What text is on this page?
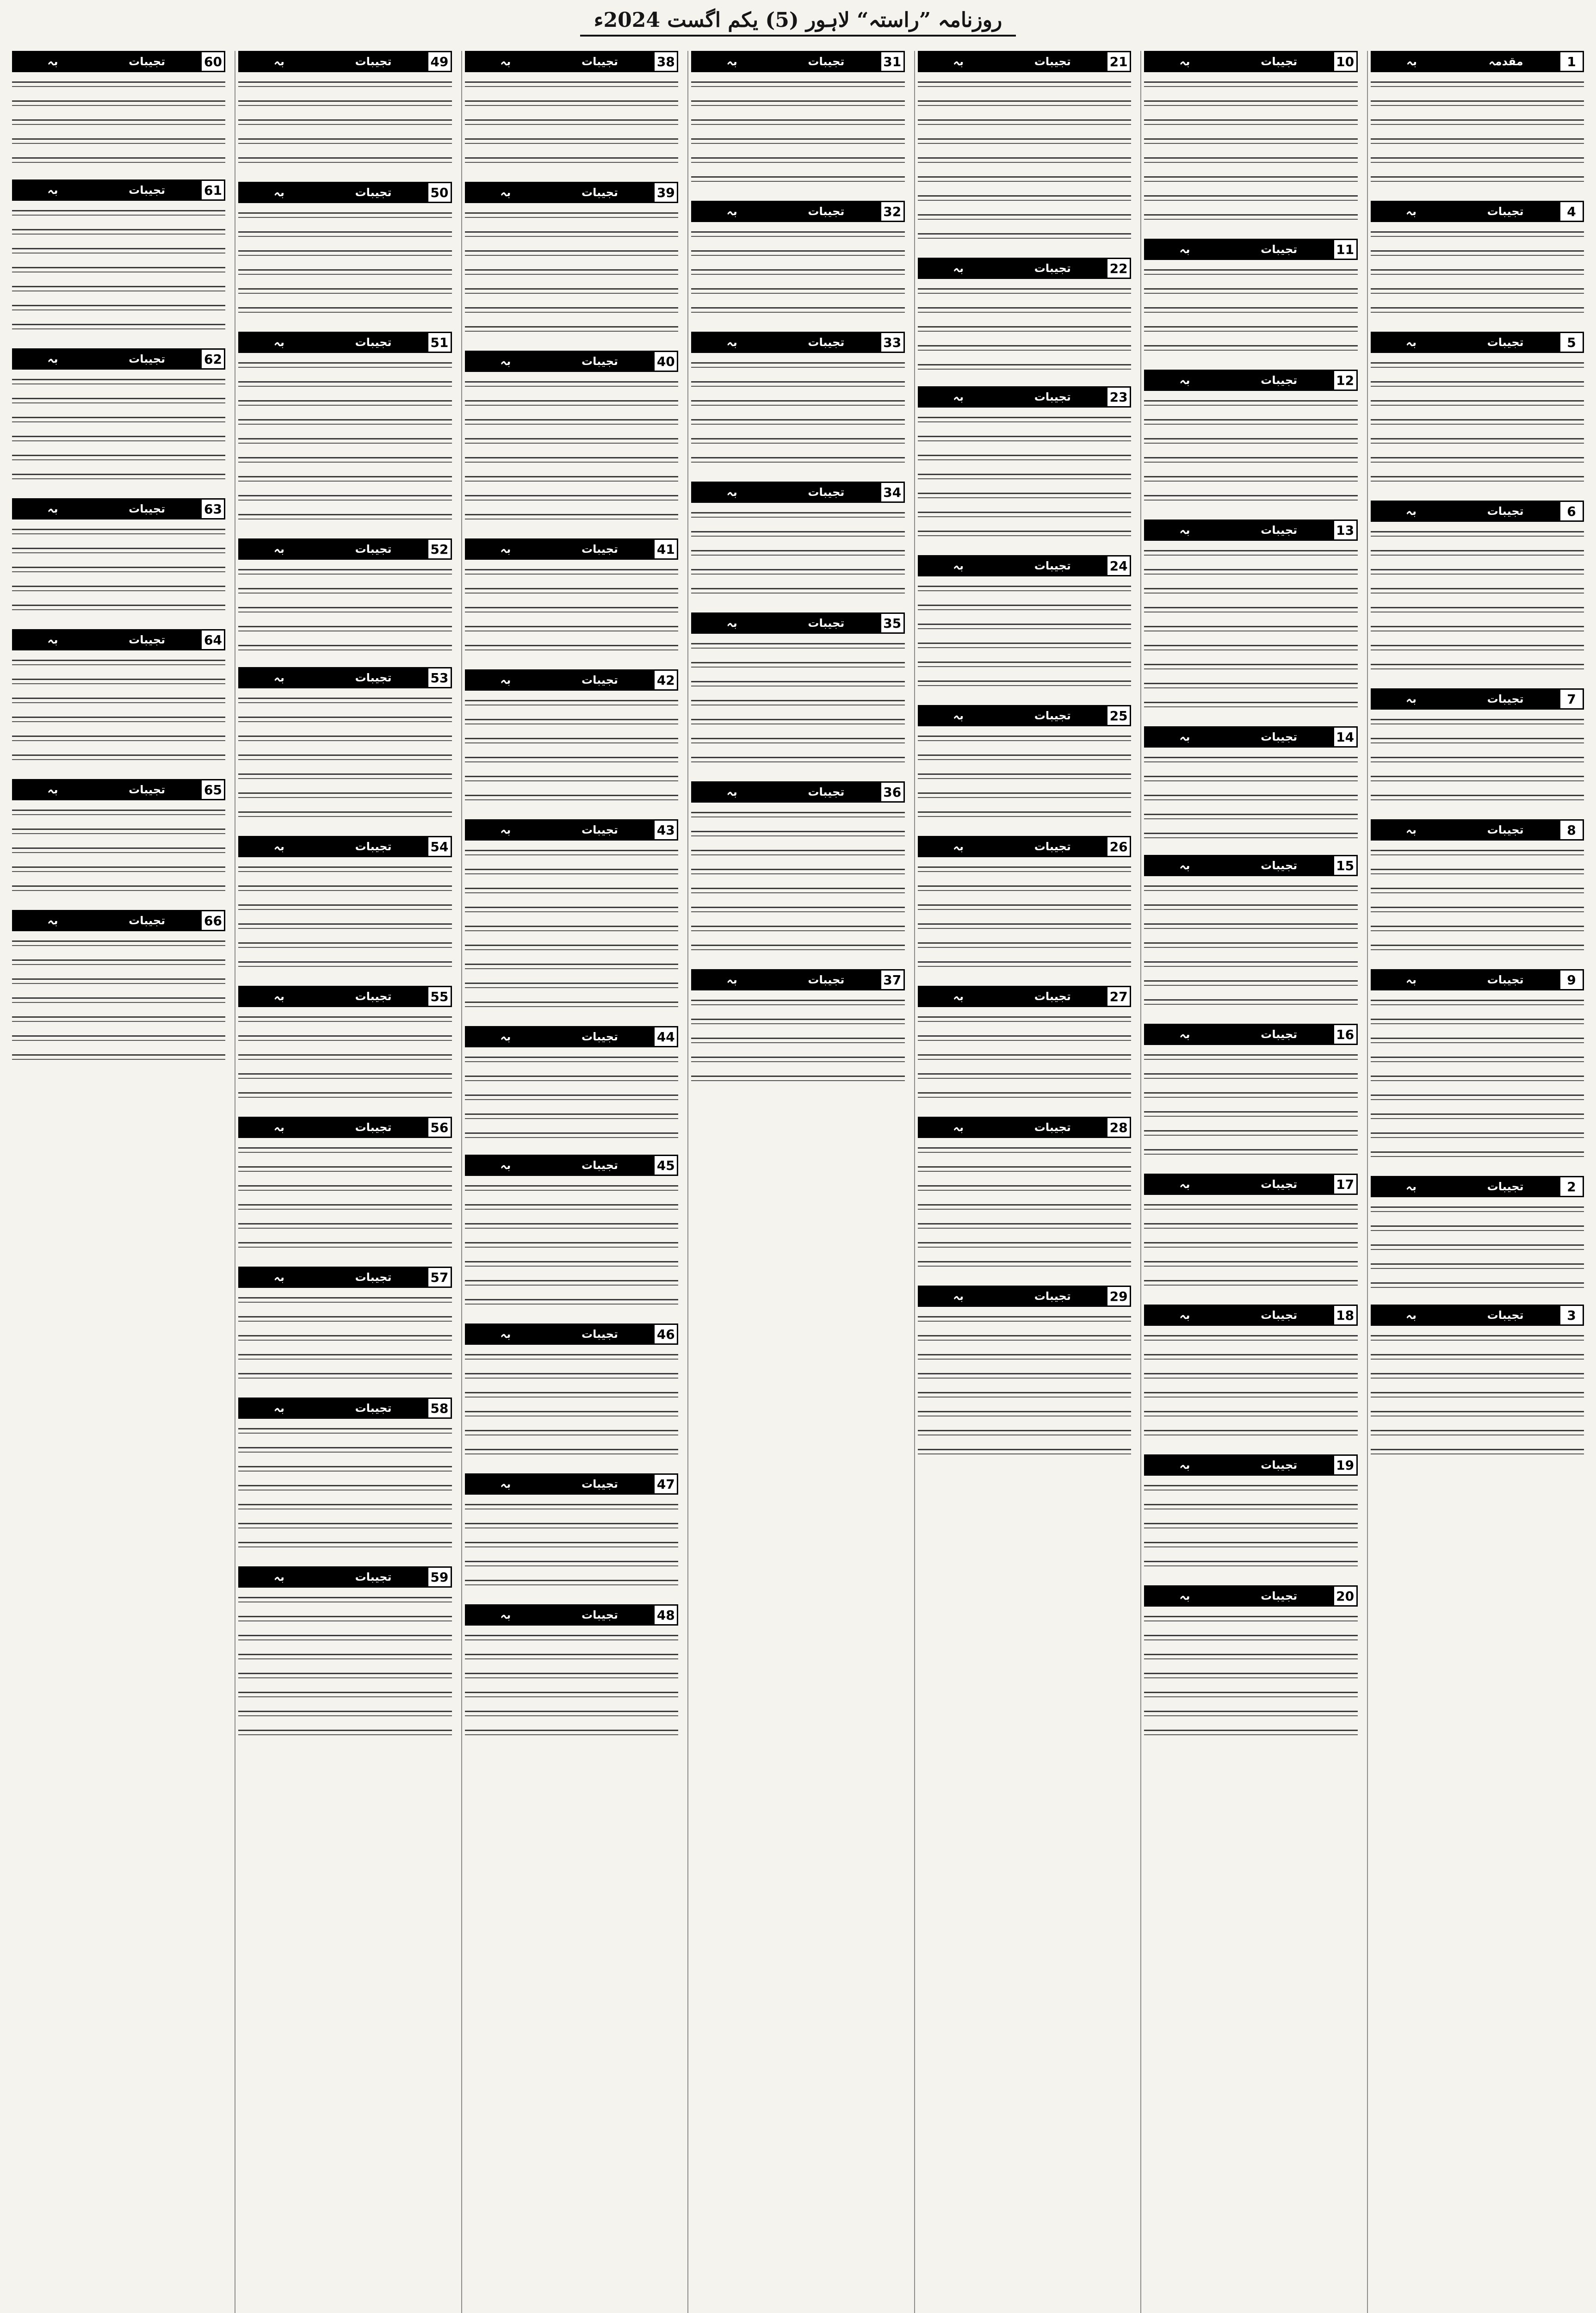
روزنامہ ”راستہ“ لاہور (5) یکم اگست 2024ء
1
مقدمہ
بہ
4
تجیبات
بہ
5
تجیبات
بہ
6
تجیبات
بہ
7
تجیبات
بہ
8
تجیبات
بہ
9
تجیبات
بہ
2
تجیبات
بہ
3
تجیبات
بہ
10
تجیبات
بہ
11
تجیبات
بہ
12
تجیبات
بہ
13
تجیبات
بہ
14
تجیبات
بہ
15
تجیبات
بہ
16
تجیبات
بہ
17
تجیبات
بہ
18
تجیبات
بہ
19
تجیبات
بہ
20
تجیبات
بہ
21
تجیبات
بہ
22
تجیبات
بہ
23
تجیبات
بہ
24
تجیبات
بہ
25
تجیبات
بہ
26
تجیبات
بہ
27
تجیبات
بہ
28
تجیبات
بہ
29
تجیبات
بہ
31
تجیبات
بہ
32
تجیبات
بہ
33
تجیبات
بہ
34
تجیبات
بہ
35
تجیبات
بہ
36
تجیبات
بہ
37
تجیبات
بہ
38
تجیبات
بہ
39
تجیبات
بہ
40
تجیبات
بہ
41
تجیبات
بہ
42
تجیبات
بہ
43
تجیبات
بہ
44
تجیبات
بہ
45
تجیبات
بہ
46
تجیبات
بہ
47
تجیبات
بہ
48
تجیبات
بہ
49
تجیبات
بہ
50
تجیبات
بہ
51
تجیبات
بہ
52
تجیبات
بہ
53
تجیبات
بہ
54
تجیبات
بہ
55
تجیبات
بہ
56
تجیبات
بہ
57
تجیبات
بہ
58
تجیبات
بہ
59
تجیبات
بہ
60
تجیبات
بہ
61
تجیبات
بہ
62
تجیبات
بہ
63
تجیبات
بہ
64
تجیبات
بہ
65
تجیبات
بہ
66
تجیبات
بہ
